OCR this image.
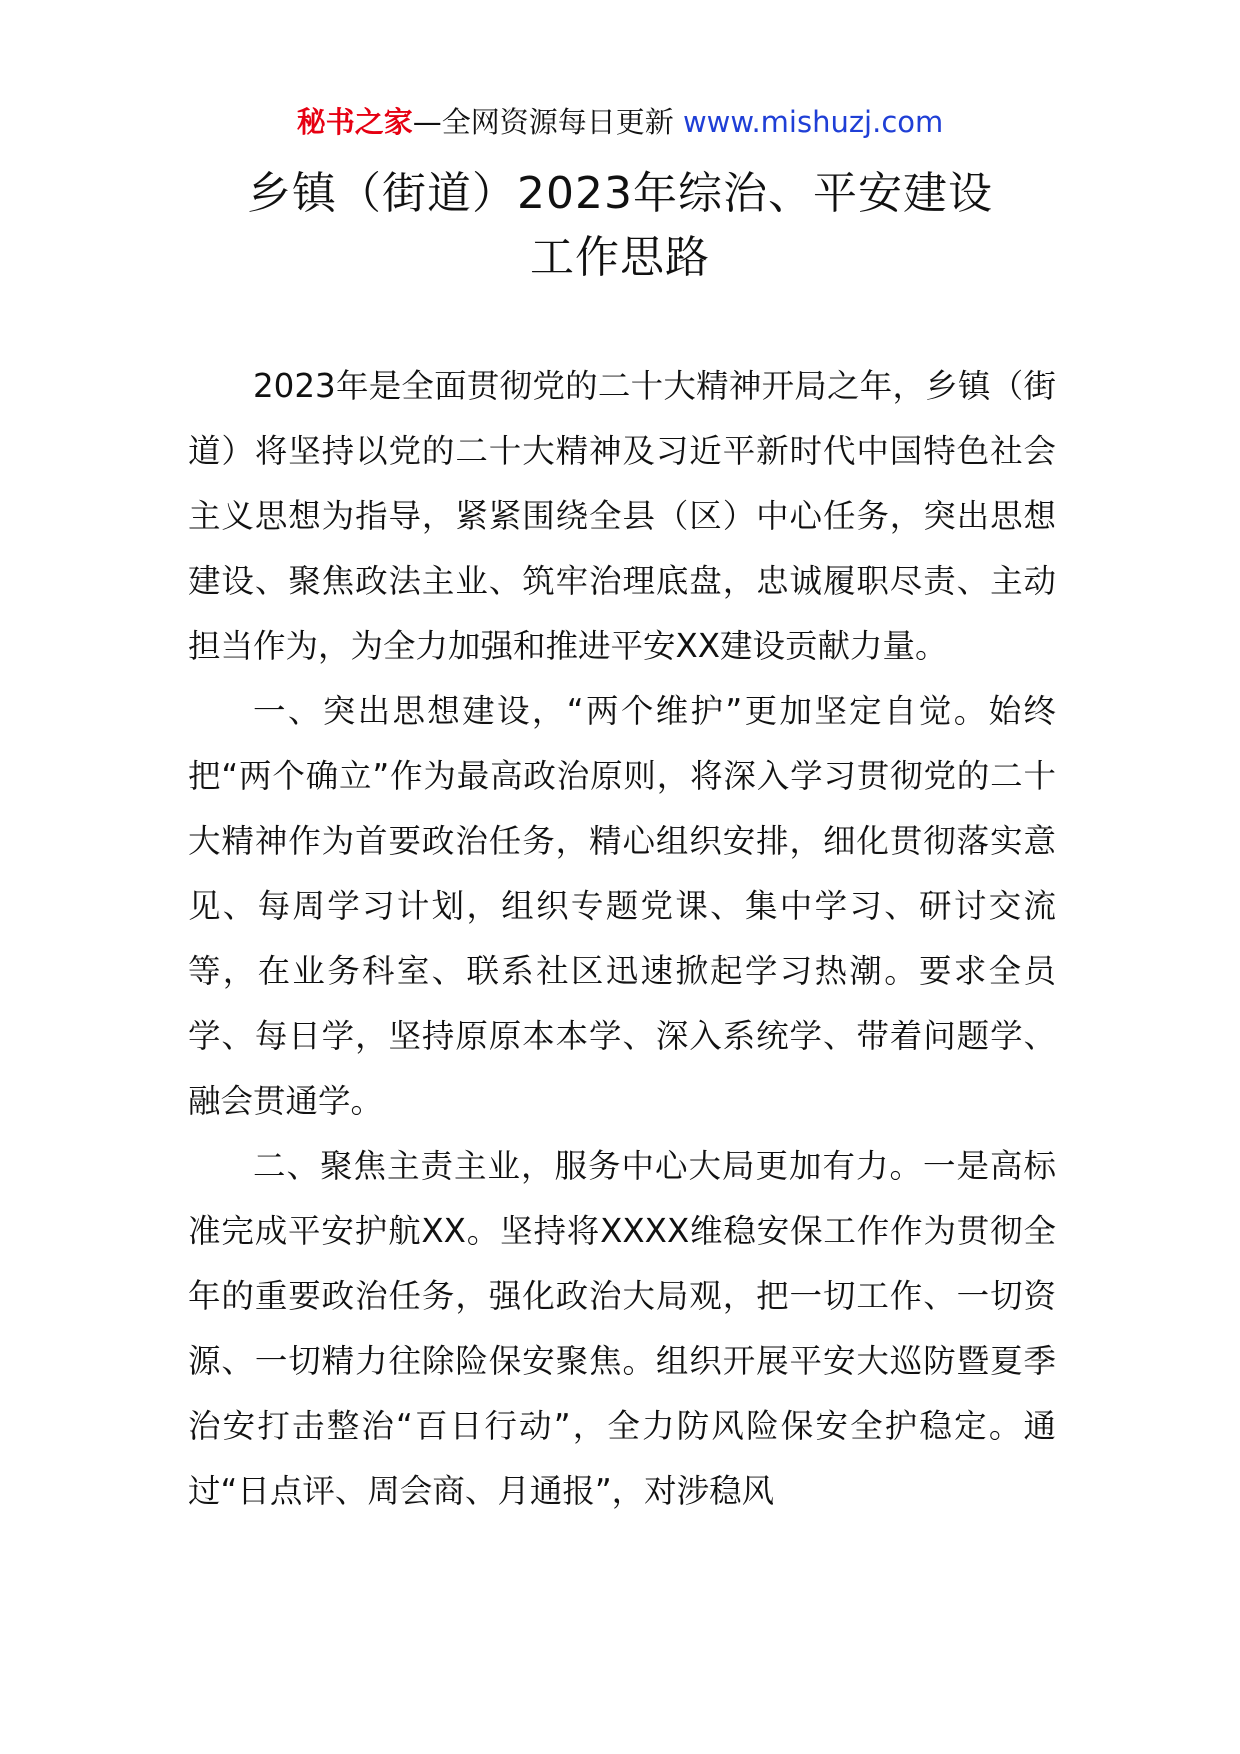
秘书之家—全网资源每日更新 www.mishuzj.com
乡镇（街道）2023年综治、平安建设
工作思路

2023年是全面贯彻党的二十大精神开局之年，乡镇（街道）将坚持以党的二十大精神及习近平新时代中国特色社会主义思想为指导，紧紧围绕全县（区）中心任务，突出思想建设、聚焦政法主业、筑牢治理底盘，忠诚履职尽责、主动担当作为，为全力加强和推进平安XX建设贡献力量。

一、突出思想建设，“两个维护”更加坚定自觉。始终把“两个确立”作为最高政治原则，将深入学习贯彻党的二十大精神作为首要政治任务，精心组织安排，细化贯彻落实意见、每周学习计划，组织专题党课、集中学习、研讨交流等，在业务科室、联系社区迅速掀起学习热潮。要求全员学、每日学，坚持原原本本学、深入系统学、带着问题学、融会贯通学。

二、聚焦主责主业，服务中心大局更加有力。一是高标准完成平安护航XX。坚持将XXXX维稳安保工作作为贯彻全年的重要政治任务，强化政治大局观，把一切工作、一切资源、一切精力往除险保安聚焦。组织开展平安大巡防暨夏季治安打击整治“百日行动”，全力防风险保安全护稳定。通过“日点评、周会商、月通报”，对涉稳风
